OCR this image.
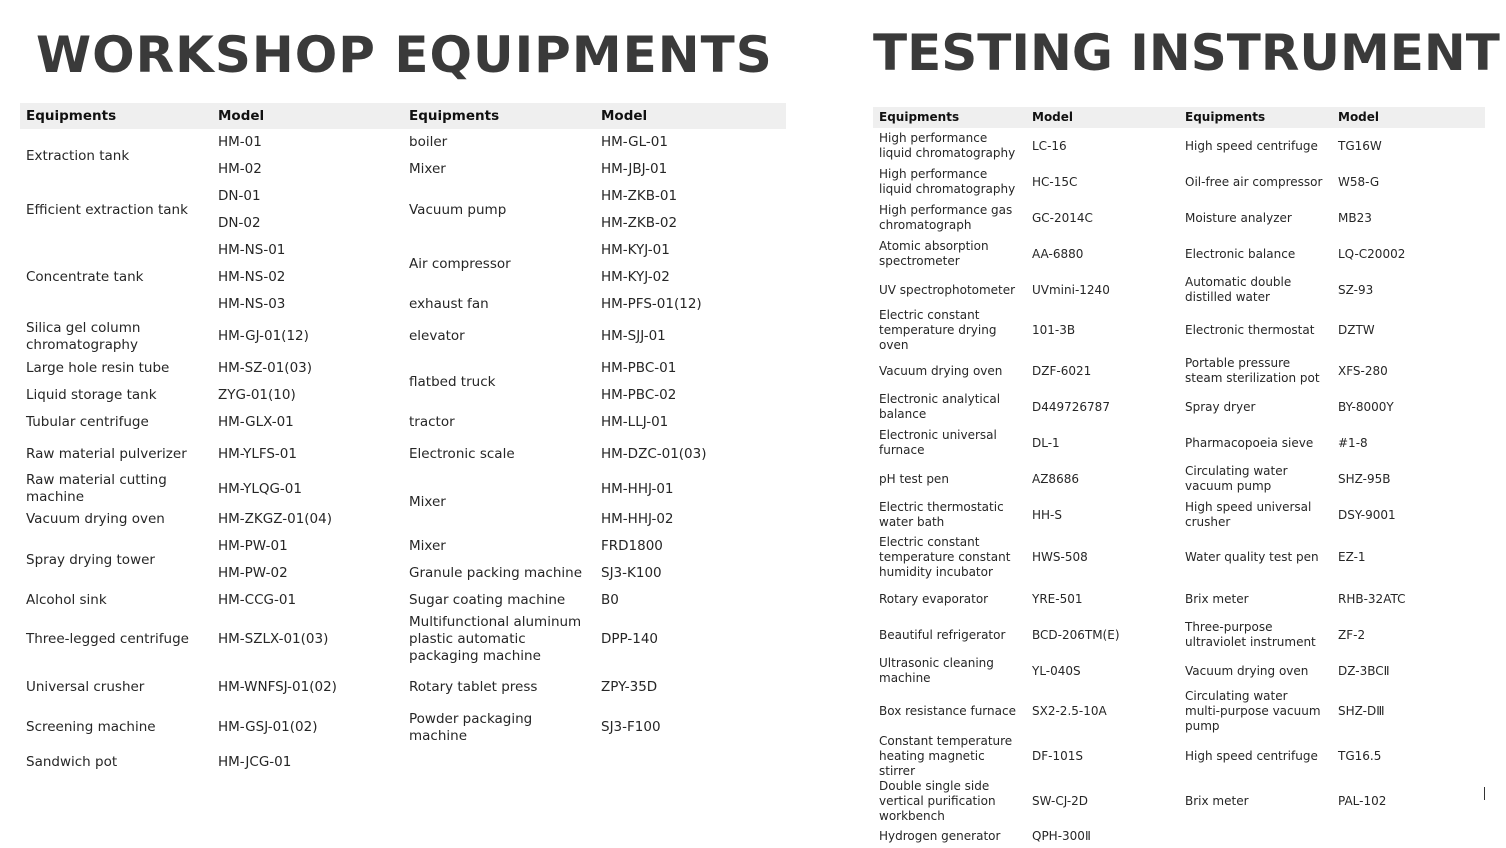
WORKSHOP EQUIPMENTS TESTING INSTRUMENT
Equipments	Model	Equipments	Model
Extraction tank	HM-01	boiler	HM-GL-01
	HM-02	Mixer	HM-JBJ-01
Efficient extraction tank	DN-01	Vacuum pump	HM-ZKB-01
	DN-02		HM-ZKB-02
Concentrate tank	HM-NS-01	Air compressor	HM-KYJ-01
	HM-NS-02		HM-KYJ-02
	HM-NS-03	exhaust fan	HM-PFS-01(12)
Silica gel column chromatography	HM-GJ-01(12)	elevator	HM-SJJ-01
Large hole resin tube	HM-SZ-01(03)	flatbed truck	HM-PBC-01
Liquid storage tank	ZYG-01(10)		HM-PBC-02
Tubular centrifuge	HM-GLX-01	tractor	HM-LLJ-01
Raw material pulverizer	HM-YLFS-01	Electronic scale	HM-DZC-01(03)
Raw material cutting machine	HM-YLQG-01	Mixer	HM-HHJ-01
Vacuum drying oven	HM-ZKGZ-01(04)		HM-HHJ-02
Spray drying tower	HM-PW-01	Mixer	FRD1800
	HM-PW-02	Granule packing machine	SJ3-K100
Alcohol sink	HM-CCG-01	Sugar coating machine	B0
Three-legged centrifuge	HM-SZLX-01(03)	Multifunctional aluminum plastic automatic packaging machine	DPP-140
Universal crusher	HM-WNFSJ-01(02)	Rotary tablet press	ZPY-35D
Screening machine	HM-GSJ-01(02)	Powder packaging machine	SJ3-F100
Sandwich pot	HM-JCG-01		
Equipments	Model	Equipments	Model
High performance liquid chromatography	LC-16	High speed centrifuge	TG16W
High performance liquid chromatography	HC-15C	Oil-free air compressor	W58-G
High performance gas chromatograph	GC-2014C	Moisture analyzer	MB23
Atomic absorption spectrometer	AA-6880	Electronic balance	LQ-C20002
UV spectrophotometer	UVmini-1240	Automatic double distilled water	SZ-93
Electric constant temperature drying oven	101-3B	Electronic thermostat	DZTW
Vacuum drying oven	DZF-6021	Portable pressure steam sterilization pot	XFS-280
Electronic analytical balance	D449726787	Spray dryer	BY-8000Y
Electronic universal furnace	DL-1	Pharmacopoeia sieve	#1-8
pH test pen	AZ8686	Circulating water vacuum pump	SHZ-95B
Electric thermostatic water bath	HH-S	High speed universal crusher	DSY-9001
Electric constant temperature constant humidity incubator	HWS-508	Water quality test pen	EZ-1
Rotary evaporator	YRE-501	Brix meter	RHB-32ATC
Beautiful refrigerator	BCD-206TM(E)	Three-purpose ultraviolet instrument	ZF-2
Ultrasonic cleaning machine	YL-040S	Vacuum drying oven	DZ-3BCⅡ
Box resistance furnace	SX2-2.5-10A	Circulating water multi-purpose vacuum pump	SHZ-DⅢ
Constant temperature heating magnetic stirrer	DF-101S	High speed centrifuge	TG16.5
Double single side vertical purification workbench	SW-CJ-2D	Brix meter	PAL-102
Hydrogen generator	QPH-300Ⅱ		
